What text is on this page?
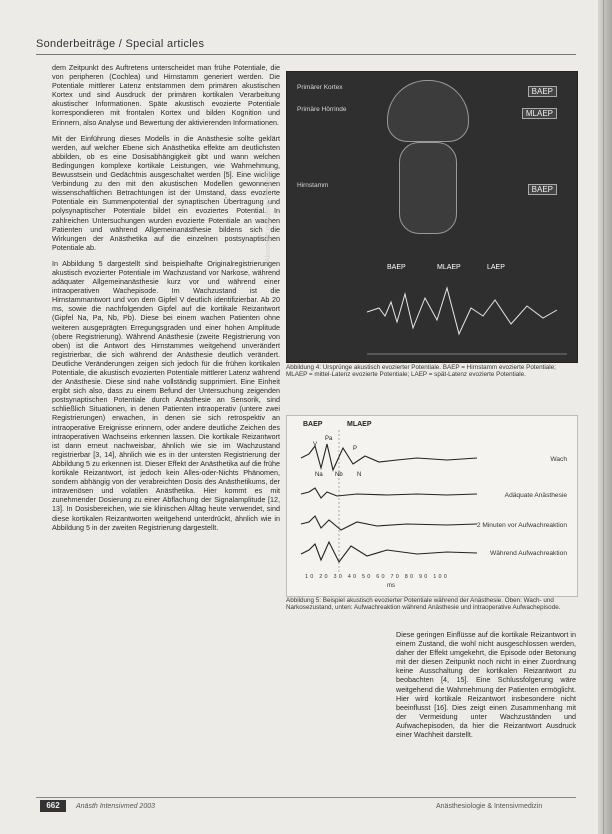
Sonderbeiträge / Special articles

dem Zeitpunkt des Auftretens unterscheidet man frühe Potentiale, die von peripheren (Cochlea) und Hirnstamm generiert werden. Die Potentiale mittlerer Latenz entstammen dem primären akustischen Kortex und sind Ausdruck der primären kortikalen Verarbeitung akustischer Informationen. Späte akustisch evozierte Potentiale korrespondieren mit frontalen Kortex und bilden Kognition und Erinnern, also Analyse und Bewertung der aktivierenden Informationen.

Mit der Einführung dieses Modells in die Anästhesie sollte geklärt werden, auf welcher Ebene sich Anästhetika effekte am deutlichsten abbilden, ob es eine Dosisabhängigkeit gibt und wann welchen Bedingungen komplexe kortikale Leistungen, wie Wahrnehmung, Bewusstsein und Gedächtnis ausgeschaltet werden [5]. Eine wichtige Verbindung zu den mit den akustischen Modellen gewonnenen wissenschaftlichen Betrachtungen ist der Umstand, dass evozierte Potentiale ein Summenpotential der synaptischen Übertragung und polysynaptischer Potentiale bildet ein evoziertes Potential. In zahlreichen Untersuchungen wurden evozierte Potentiale an wachen Patienten und während Allgemeinanästhesie bildens sich die Wirkungen der Anästhetika auf die einzelnen postsynaptischen Potentiale ab.

In Abbildung 5 dargestellt sind beispielhafte Originalregistrierungen akustisch evozierter Potentiale im Wachzustand vor Narkose, während adäquater Allgemeinanästhesie kurz vor und während einer intraoperativen Wachepisode. Im Wachzustand ist die Hirnstammantwort und von dem Gipfel V deutlich identifizierbar. Ab 20 ms, sowie die nachfolgenden Gipfel auf die kortikale Reizantwort (Gipfel Na, Pa, Nb, Pb). Diese bei einem wachen Patienten ohne weiteren ausgeprägten Erregungsgraden und einer hohen Amplitude (obere Registrierung). Während Anästhesie (zweite Registrierung von oben) ist die Antwort des Hirnstammes weitgehend unverändert registrierbar, die sich während der Anästhesie deutlich verändert. Deutliche Veränderungen zeigen sich jedoch für die frühen kortikalen Potentiale, die akustisch evozierten Potentiale mittlerer Latenz während der Anästhesie. Diese sind nahe vollständig supprimiert. Eine Einheit ergibt sich also, dass zu einem Befund der Untersuchung zeigenden postsynaptischen Potentiale durch Anästhesie an Sensorik, sind schließlich Situationen, in denen Patienten intraoperativ (untere zwei Registrierungen) erwachen, in denen sie sich retrospektiv an intraoperative Ereignisse erinnern, oder andere deutliche Zeichen des intraoperativen Wachseins erkennen lassen. Die kortikale Reizantwort ist dann erneut nachweisbar, ähnlich wie sie im Wachzustand registrierbar [3, 14], ähnlich wie es in der untersten Registrierung der Abbildung 5 zu erkennen ist. Dieser Effekt der Anästhetika auf die frühe kortikale Reizantwort, ist jedoch kein Alles-oder-Nichts Phänomen, sondern abhängig von der verabreichten Dosis des Anästhetikums, der intravenösen und volatilen Anästhetika. Hier kommt es mit zunehmender Dosierung zu einer Abflachung der Signalamplitude [12, 13]. In Dosisbereichen, wie sie klinischen Alltag heute verwendet, sind diese kortikalen Reizantworten weitgehend unterdrückt, ähnlich wie in Abbildung 5 in der zweiten Registrierung dargestellt.

Primärer Kortex
Primäre Hörrinde
Hirnstamm
BAEP
MLAEP
BAEP
Akustisch evozierte Potentiale
BAEP	MLAEP	LAEP
Abbildung 4: Ursprünge akustisch evozierter Potentiale. BAEP = Hirnstamm evozierte Potentiale; MLAEP = mittel-Latenz evozierte Potentiale; LAEP = spät-Latenz evozierte Potentiale.
BAEP	MLAEP
Pa
V
P
Na Nb N
Wach
Adäquate Anästhesie
2 Minuten vor Aufwachreaktion
Während Aufwachreaktion
10 20 30 40 50 60 70 80 90 100
ms
Abbildung 5: Beispiel akustisch evozierter Potentiale während der Anästhesie. Oben: Wach- und Narkosezustand, unten: Aufwachreaktion während Anästhesie und intraoperative Aufwachepisode.

Diese geringen Einflüsse auf die kortikale Reizantwort in einem Zustand, die wohl nicht ausgeschlossen werden, daher der Effekt umgekehrt, die Episode oder Betonung mit der diesen Zeitpunkt noch nicht in einer Zuordnung keine Ausschaltung der kortikalen Reizantwort zu beobachten [4, 15]. Eine Schlussfolgerung wäre weitgehend die Wahrnehmung der Patienten ermöglicht. Hier wird kortikale Reizantwort insbesondere nicht beeinflusst [16]. Dies zeigt einen Zusammenhang mit der Vermeidung unter Wachzuständen und Aufwachepisoden, da hier die Reizantwort Ausdruck einer Wachheit darstellt.

662	Anästh Intensivmed 2003	Anästhesiologie & Intensivmedizin
